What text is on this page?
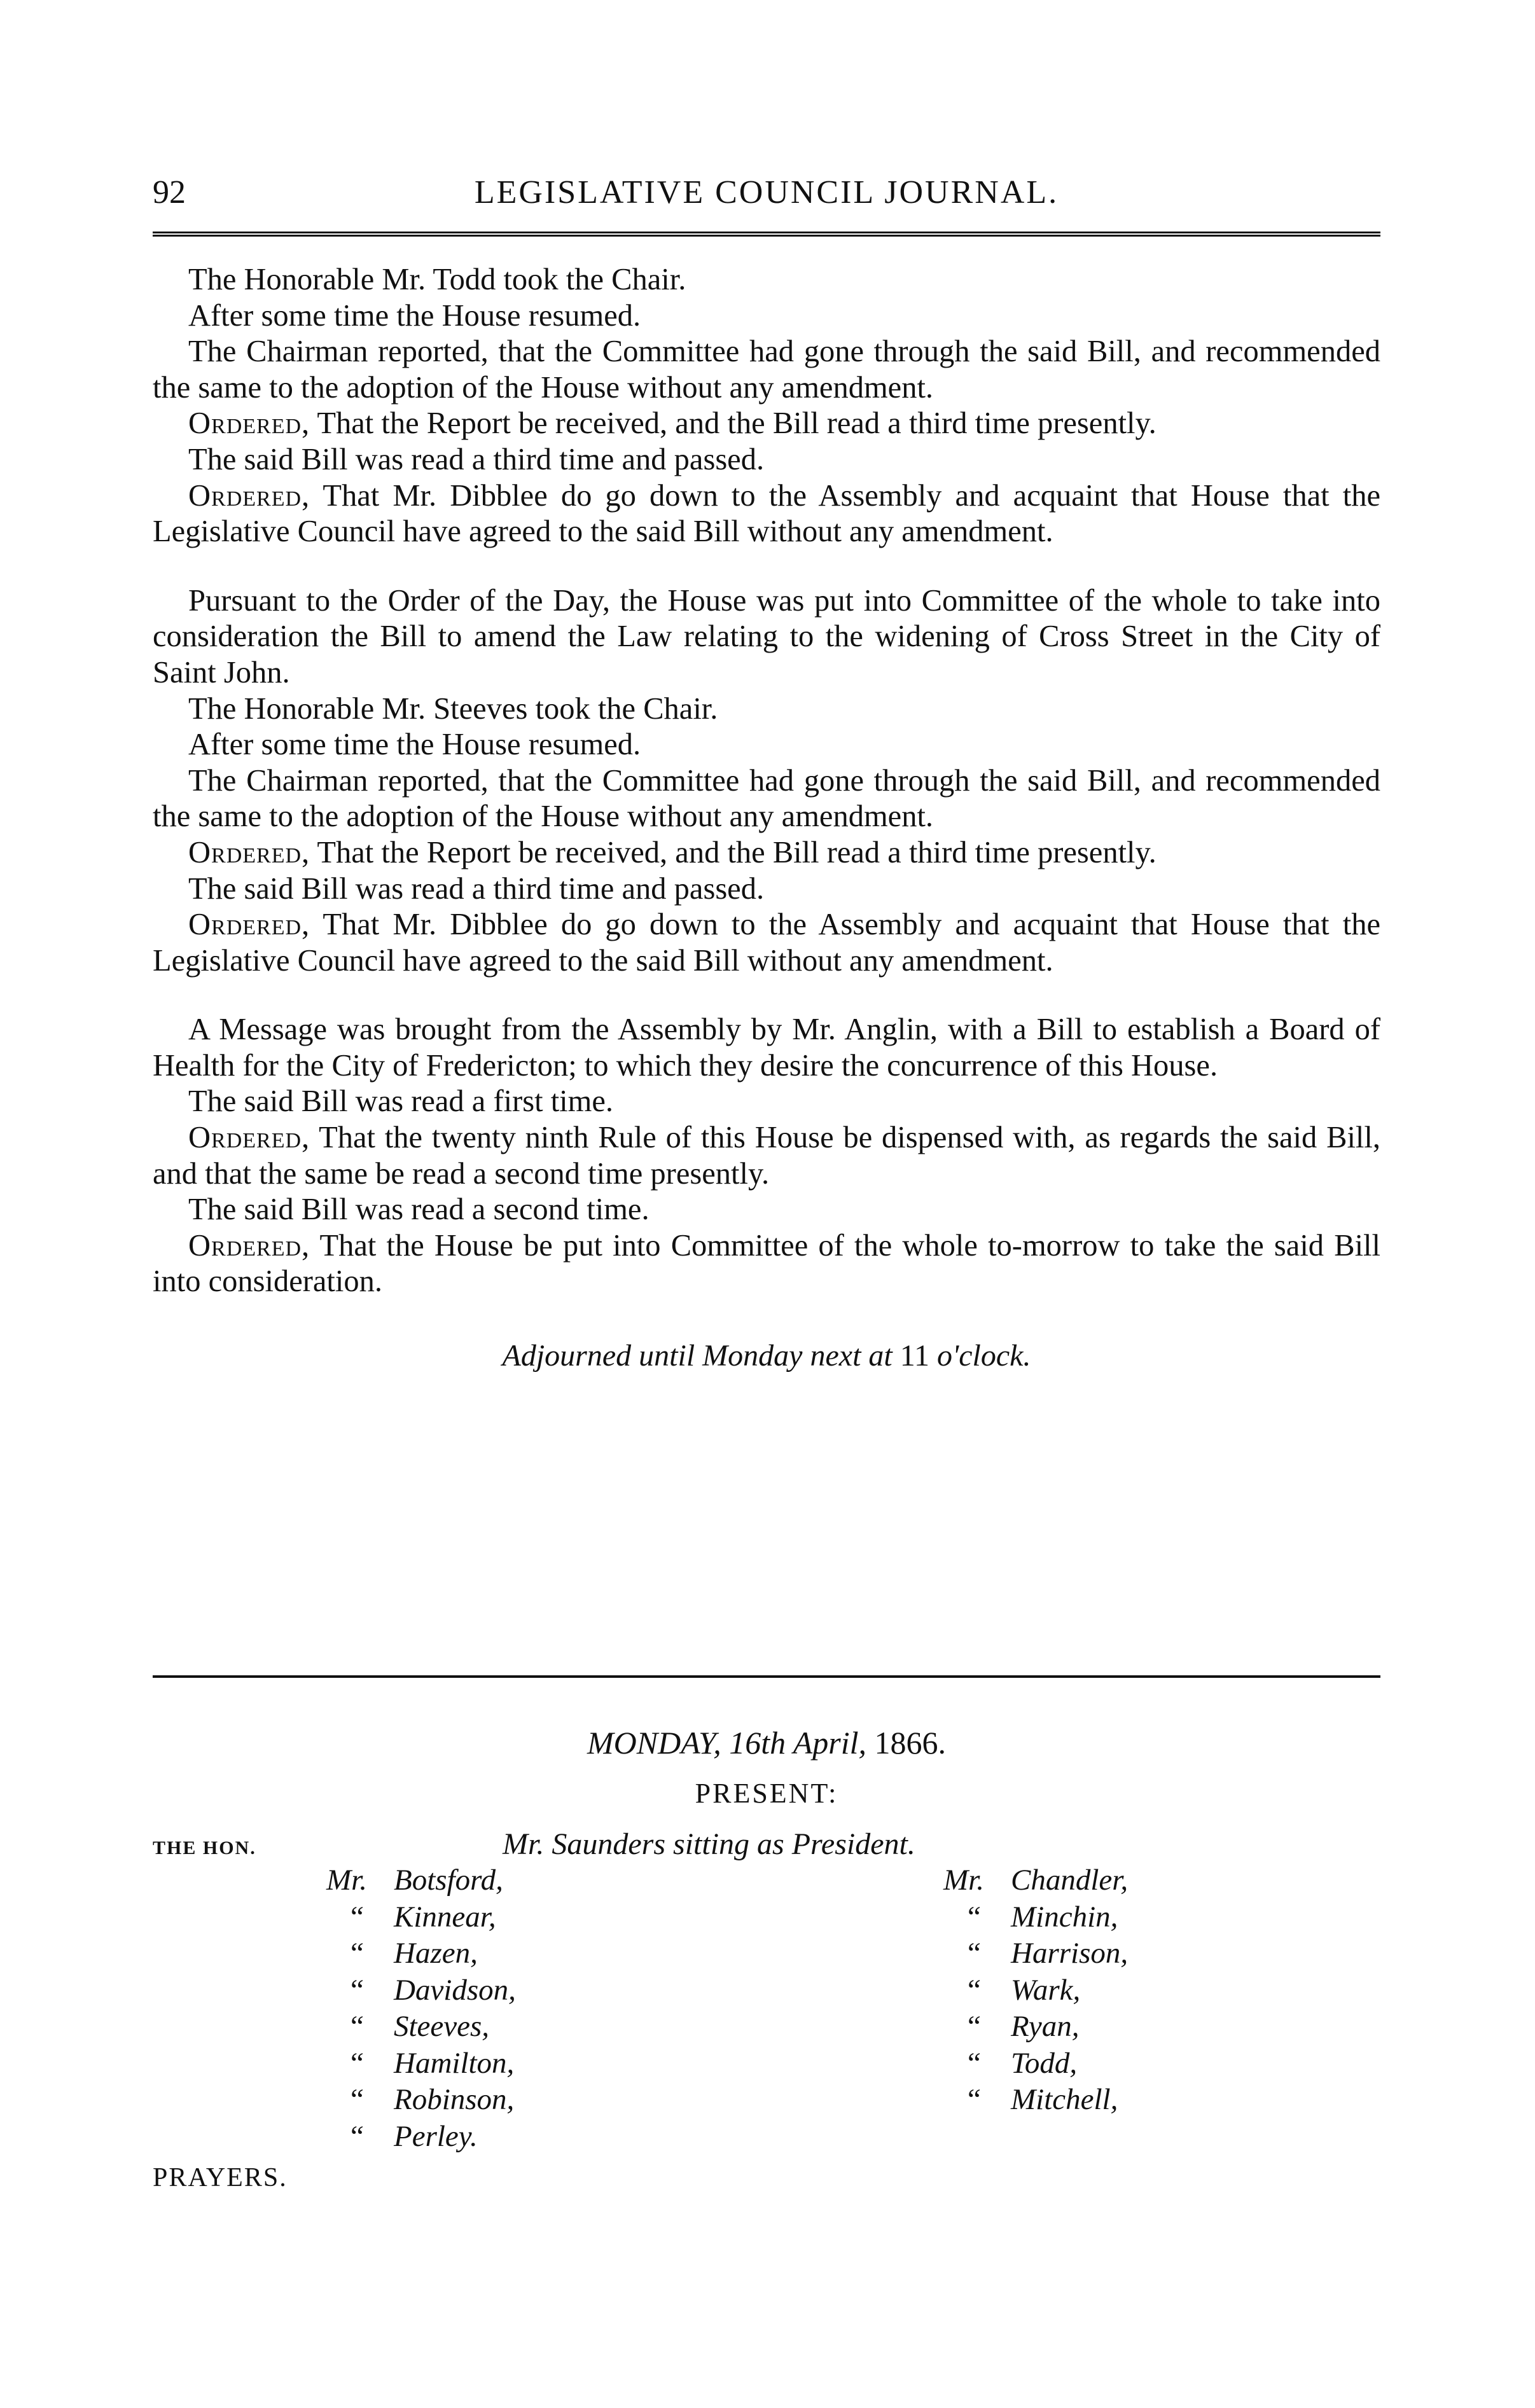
92	LEGISLATIVE COUNCIL JOURNAL.

The Honorable Mr. Todd took the Chair.

After some time the House resumed.

The Chairman reported, that the Committee had gone through the said Bill, and recommended the same to the adoption of the House without any amendment.

Ordered, That the Report be received, and the Bill read a third time presently.

The said Bill was read a third time and passed.

Ordered, That Mr. Dibblee do go down to the Assembly and acquaint that House that the Legislative Council have agreed to the said Bill without any amendment.

Pursuant to the Order of the Day, the House was put into Committee of the whole to take into consideration the Bill to amend the Law relating to the widening of Cross Street in the City of Saint John.

The Honorable Mr. Steeves took the Chair.

After some time the House resumed.

The Chairman reported, that the Committee had gone through the said Bill, and recommended the same to the adoption of the House without any amendment.

Ordered, That the Report be received, and the Bill read a third time presently.

The said Bill was read a third time and passed.

Ordered, That Mr. Dibblee do go down to the Assembly and acquaint that House that the Legislative Council have agreed to the said Bill without any amendment.

A Message was brought from the Assembly by Mr. Anglin, with a Bill to establish a Board of Health for the City of Fredericton; to which they desire the concurrence of this House.

The said Bill was read a first time.

Ordered, That the twenty ninth Rule of this House be dispensed with, as regards the said Bill, and that the same be read a second time presently.

The said Bill was read a second time.

Ordered, That the House be put into Committee of the whole to-morrow to take the said Bill into consideration.

Adjourned until Monday next at 11 o'clock.

MONDAY, 16th April, 1866.
PRESENT:
THE HON.	Mr. Saunders sitting as President.
Mr. Botsford,
“ Kinnear,
“ Hazen,
“ Davidson,
“ Steeves,
“ Hamilton,
“ Robinson,
“ Perley.
Mr. Chandler,
“ Minchin,
“ Harrison,
“ Wark,
“ Ryan,
“ Todd,
“ Mitchell,
PRAYERS.
